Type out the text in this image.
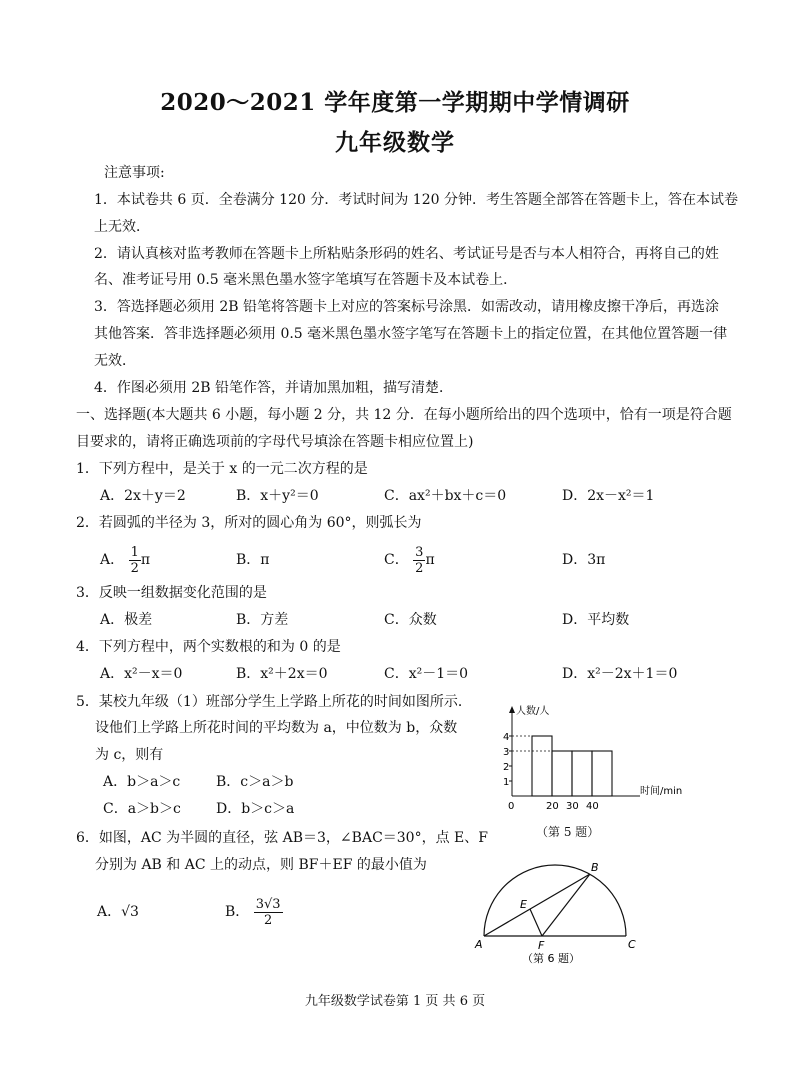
2020～2021 学年度第一学期期中学情调研
九年级数学
注意事项:
1．本试卷共 6 页．全卷满分 120 分．考试时间为 120 分钟．考生答题全部答在答题卡上，答在本试卷
上无效．
2．请认真核对监考教师在答题卡上所粘贴条形码的姓名、考试证号是否与本人相符合，再将自己的姓
名、准考证号用 0.5 毫米黑色墨水签字笔填写在答题卡及本试卷上．
3．答选择题必须用 2B 铅笔将答题卡上对应的答案标号涂黑．如需改动，请用橡皮擦干净后，再选涂
其他答案．答非选择题必须用 0.5 毫米黑色墨水签字笔写在答题卡上的指定位置，在其他位置答题一律
无效．
4．作图必须用 2B 铅笔作答，并请加黑加粗，描写清楚．
一、选择题(本大题共 6 小题，每小题 2 分，共 12 分．在每小题所给出的四个选项中，恰有一项是符合题
目要求的，请将正确选项前的字母代号填涂在答题卡相应位置上)
1．下列方程中，是关于 x 的一元二次方程的是
A．2x＋y＝2	B．x＋y²＝0	C．ax²＋bx＋c＝0	D．2x－x²＝1
2．若圆弧的半径为 3，所对的圆心角为 60°，则弧长为
A． $\frac{1}{2}$ π	B．π	C． $\frac{3}{2}$ π	D．3π
3．反映一组数据变化范围的是
A．极差	B．方差	C．众数	D．平均数
4．下列方程中，两个实数根的和为 0 的是
A．x²－x＝0	B．x²＋2x＝0	C．x²－1＝0	D．x²－2x＋1＝0
5．某校九年级（1）班部分学生上学路上所花的时间如图所示．
设他们上学路上所花时间的平均数为 a，中位数为 b，众数
为 c，则有
A．b＞a＞c	B．c＞a＞b
C．a＞b＞c	D．b＞c＞a
1
2
3
4
0	20 30 40
人数/人
时间/min
（第 5 题）
6．如图，AC 为半圆的直径，弦 AB＝3，∠BAC＝30°，点 E、F
分别为 AB 和 AC 上的动点，则 BF＋EF 的最小值为
A．√3	B． $\frac{3√3}{2}$
A
B
C
E
F
（第 6 题）
九年级数学试卷第 1 页 共 6 页
